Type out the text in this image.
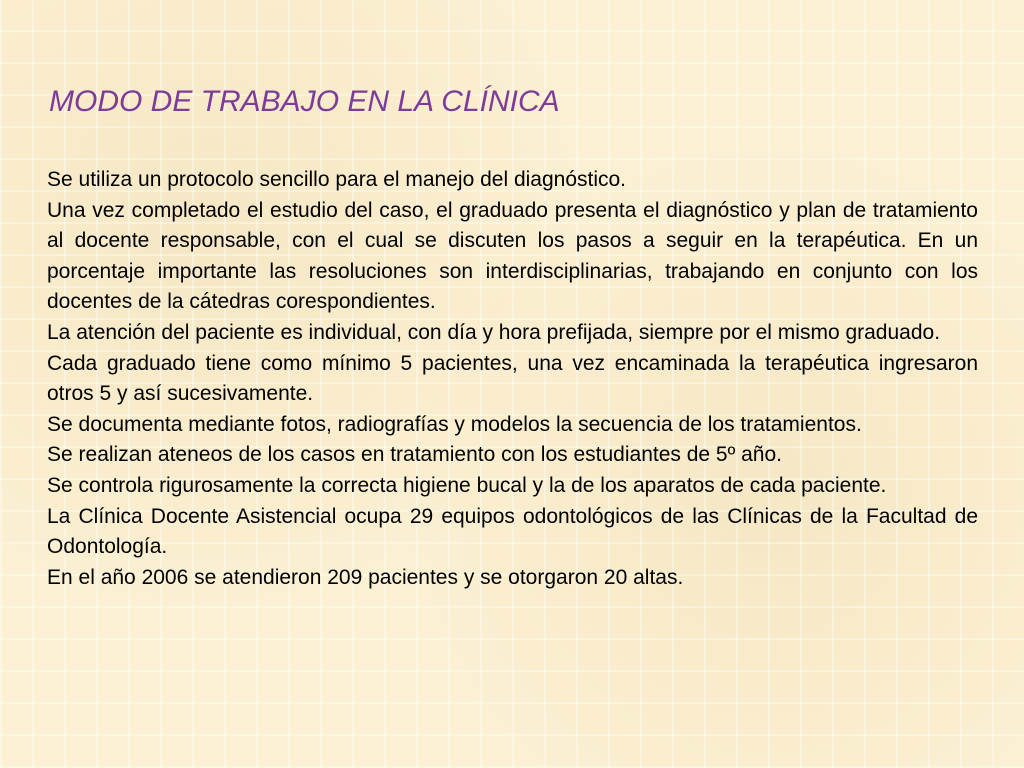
MODO DE TRABAJO EN LA CLÍNICA

Se utiliza un protocolo sencillo para el manejo del diagnóstico.

Una vez completado el estudio del caso, el graduado presenta el diagnóstico y plan de tratamiento al docente responsable, con el cual se discuten los pasos a seguir en la terapéutica. En un porcentaje importante las resoluciones son interdisciplinarias, trabajando en conjunto con los docentes de la cátedras corespondientes.

La atención del paciente es individual, con día y hora prefijada, siempre por el mismo graduado.

Cada graduado tiene como mínimo 5 pacientes, una vez encaminada la terapéutica ingresaron otros 5 y así sucesivamente.

Se documenta mediante fotos, radiografías y modelos la secuencia de los tratamientos.

Se realizan ateneos de los casos en tratamiento con los estudiantes de 5º año.

Se controla rigurosamente la correcta higiene bucal y la de los aparatos de cada paciente.

La Clínica Docente Asistencial ocupa 29 equipos odontológicos de las Clínicas de la Facultad de Odontología.

En el año 2006 se atendieron 209 pacientes y se otorgaron 20 altas.
